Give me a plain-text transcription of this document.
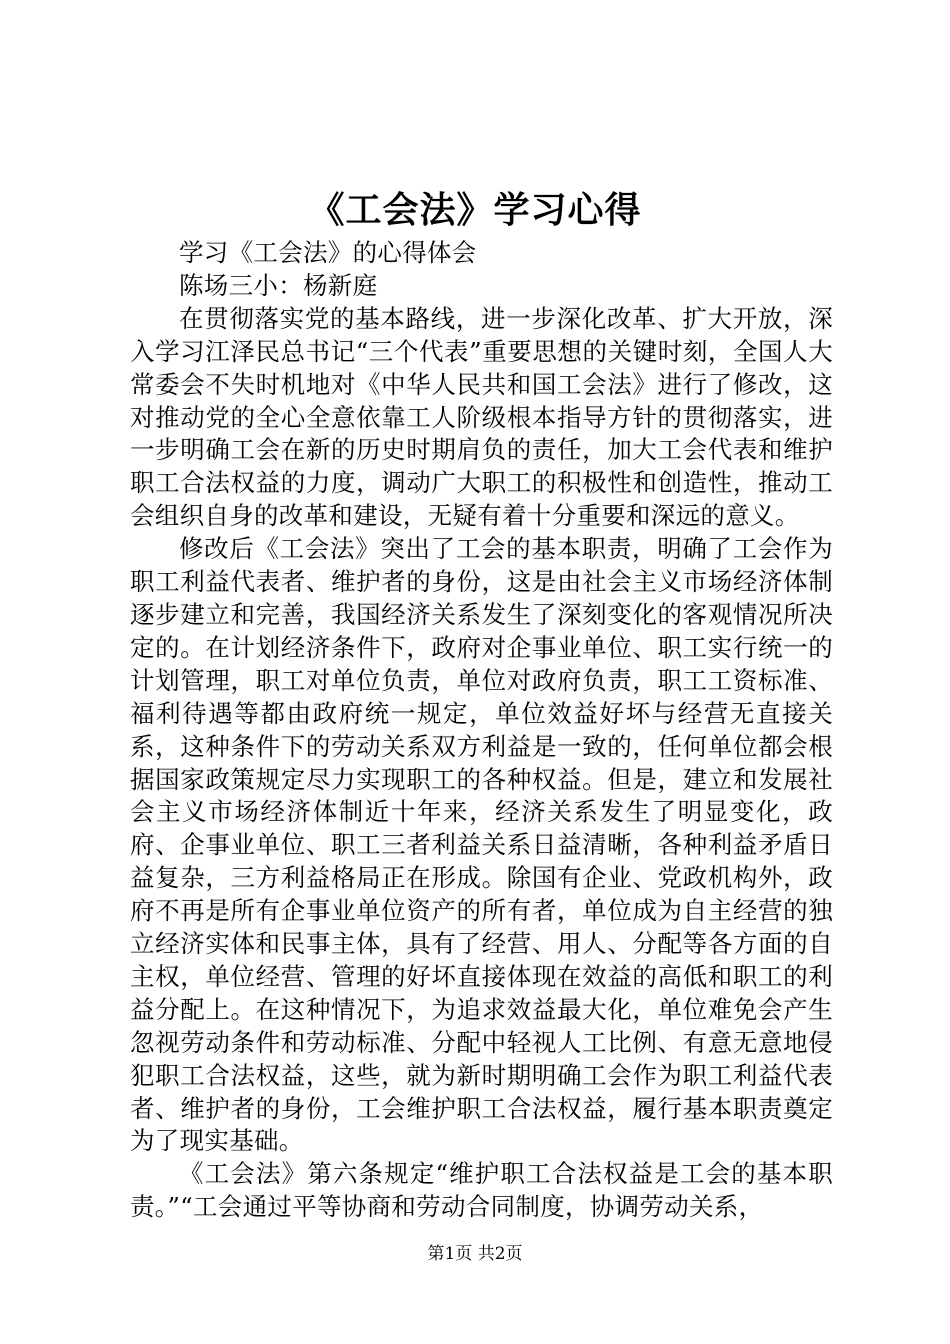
《工会法》学习心得

学习《工会法》的心得体会

陈场三小：杨新庭

在贯彻落实党的基本路线，进一步深化改革、扩大开放，深入学习江泽民总书记“三个代表”重要思想的关键时刻，全国人大常委会不失时机地对《中华人民共和国工会法》进行了修改，这对推动党的全心全意依靠工人阶级根本指导方针的贯彻落实，进一步明确工会在新的历史时期肩负的责任，加大工会代表和维护职工合法权益的力度，调动广大职工的积极性和创造性，推动工会组织自身的改革和建设，无疑有着十分重要和深远的意义。

修改后《工会法》突出了工会的基本职责，明确了工会作为职工利益代表者、维护者的身份，这是由社会主义市场经济体制逐步建立和完善，我国经济关系发生了深刻变化的客观情况所决定的。在计划经济条件下，政府对企事业单位、职工实行统一的计划管理，职工对单位负责，单位对政府负责，职工工资标准、福利待遇等都由政府统一规定，单位效益好坏与经营无直接关系，这种条件下的劳动关系双方利益是一致的，任何单位都会根据国家政策规定尽力实现职工的各种权益。但是，建立和发展社会主义市场经济体制近十年来，经济关系发生了明显变化，政府、企事业单位、职工三者利益关系日益清晰，各种利益矛盾日益复杂，三方利益格局正在形成。除国有企业、党政机构外，政府不再是所有企事业单位资产的所有者，单位成为自主经营的独立经济实体和民事主体，具有了经营、用人、分配等各方面的自主权，单位经营、管理的好坏直接体现在效益的高低和职工的利益分配上。在这种情况下，为追求效益最大化，单位难免会产生忽视劳动条件和劳动标准、分配中轻视人工比例、有意无意地侵犯职工合法权益，这些，就为新时期明确工会作为职工利益代表者、维护者的身份，工会维护职工合法权益，履行基本职责奠定为了现实基础。

《工会法》第六条规定“维护职工合法权益是工会的基本职责。”“工会通过平等协商和劳动合同制度，协调劳动关系，

第1页 共2页
